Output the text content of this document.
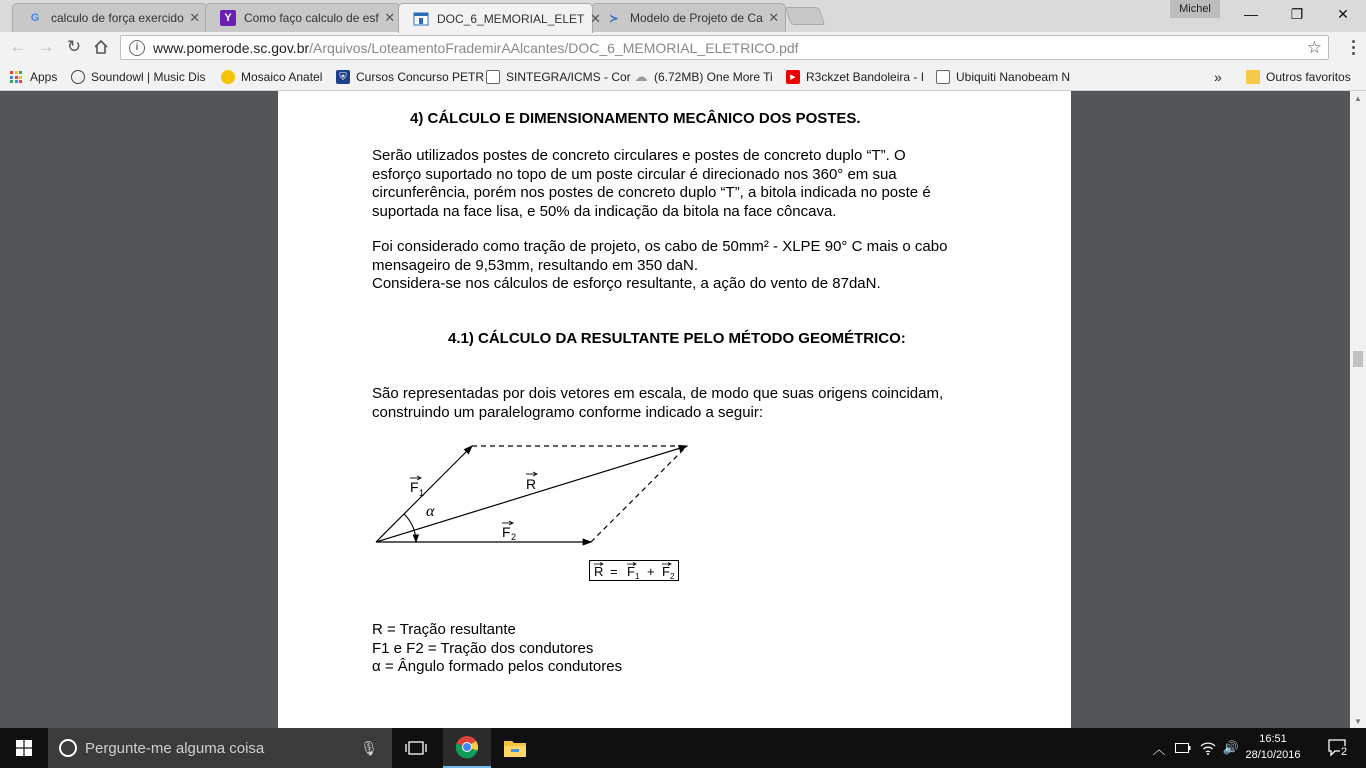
G calculo de força exercido ✕	Y	Como faço calculo de esf ✕	DOC_6_MEMORIAL_ELET ✕ ≻ Modelo de Projeto de Ca ✕
Michel	—	❐	✕
← → ↻	i	www.pomerode.sc.gov.br /Arquivos/LoteamentoFrademirAAlcantes/DOC_6_MEMORIAL_ELETRICO.pdf	☆
Apps	Soundowl | Music Dis	Mosaico Anatel	⛨ Cursos Concurso PETR SINTEGRA/ICMS - Cor ☁ (6.72MB) One More Ti	▶ R3ckzet Bandoleira - I	Ubiquiti Nanobeam N	»	Outros favoritos
4) CÁLCULO E DIMENSIONAMENTO MECÂNICO DOS POSTES.
Serão utilizados postes de concreto circulares e postes de concreto duplo “T”. O
esforço suportado no topo de um poste circular é direcionado nos 360° em sua
circunferência, porém nos postes de concreto duplo “T”, a bitola indicada no poste é
suportada na face lisa, e 50% da indicação da bitola na face côncava.
Foi considerado como tração de projeto, os cabo de 50mm² - XLPE 90° C mais o cabo
mensageiro de 9,53mm, resultando em 350 daN.
Considera-se nos cálculos de esforço resultante, a ação do vento de 87daN.
4.1) CÁLCULO DA RESULTANTE PELO MÉTODO GEOMÉTRICO:
São representadas por dois vetores em escala, de modo que suas origens coincidam,
construindo um paralelogramo conforme indicado a seguir:
F 1
R
F 2
α
R = F 1 + F 2
R = Tração resultante
F1 e F2 = Tração dos condutores
α = Ângulo formado pelos condutores
▲
▼
Pergunte-me alguma coisa	🎙	︿	🔊
16:51
28/10/2016	2
